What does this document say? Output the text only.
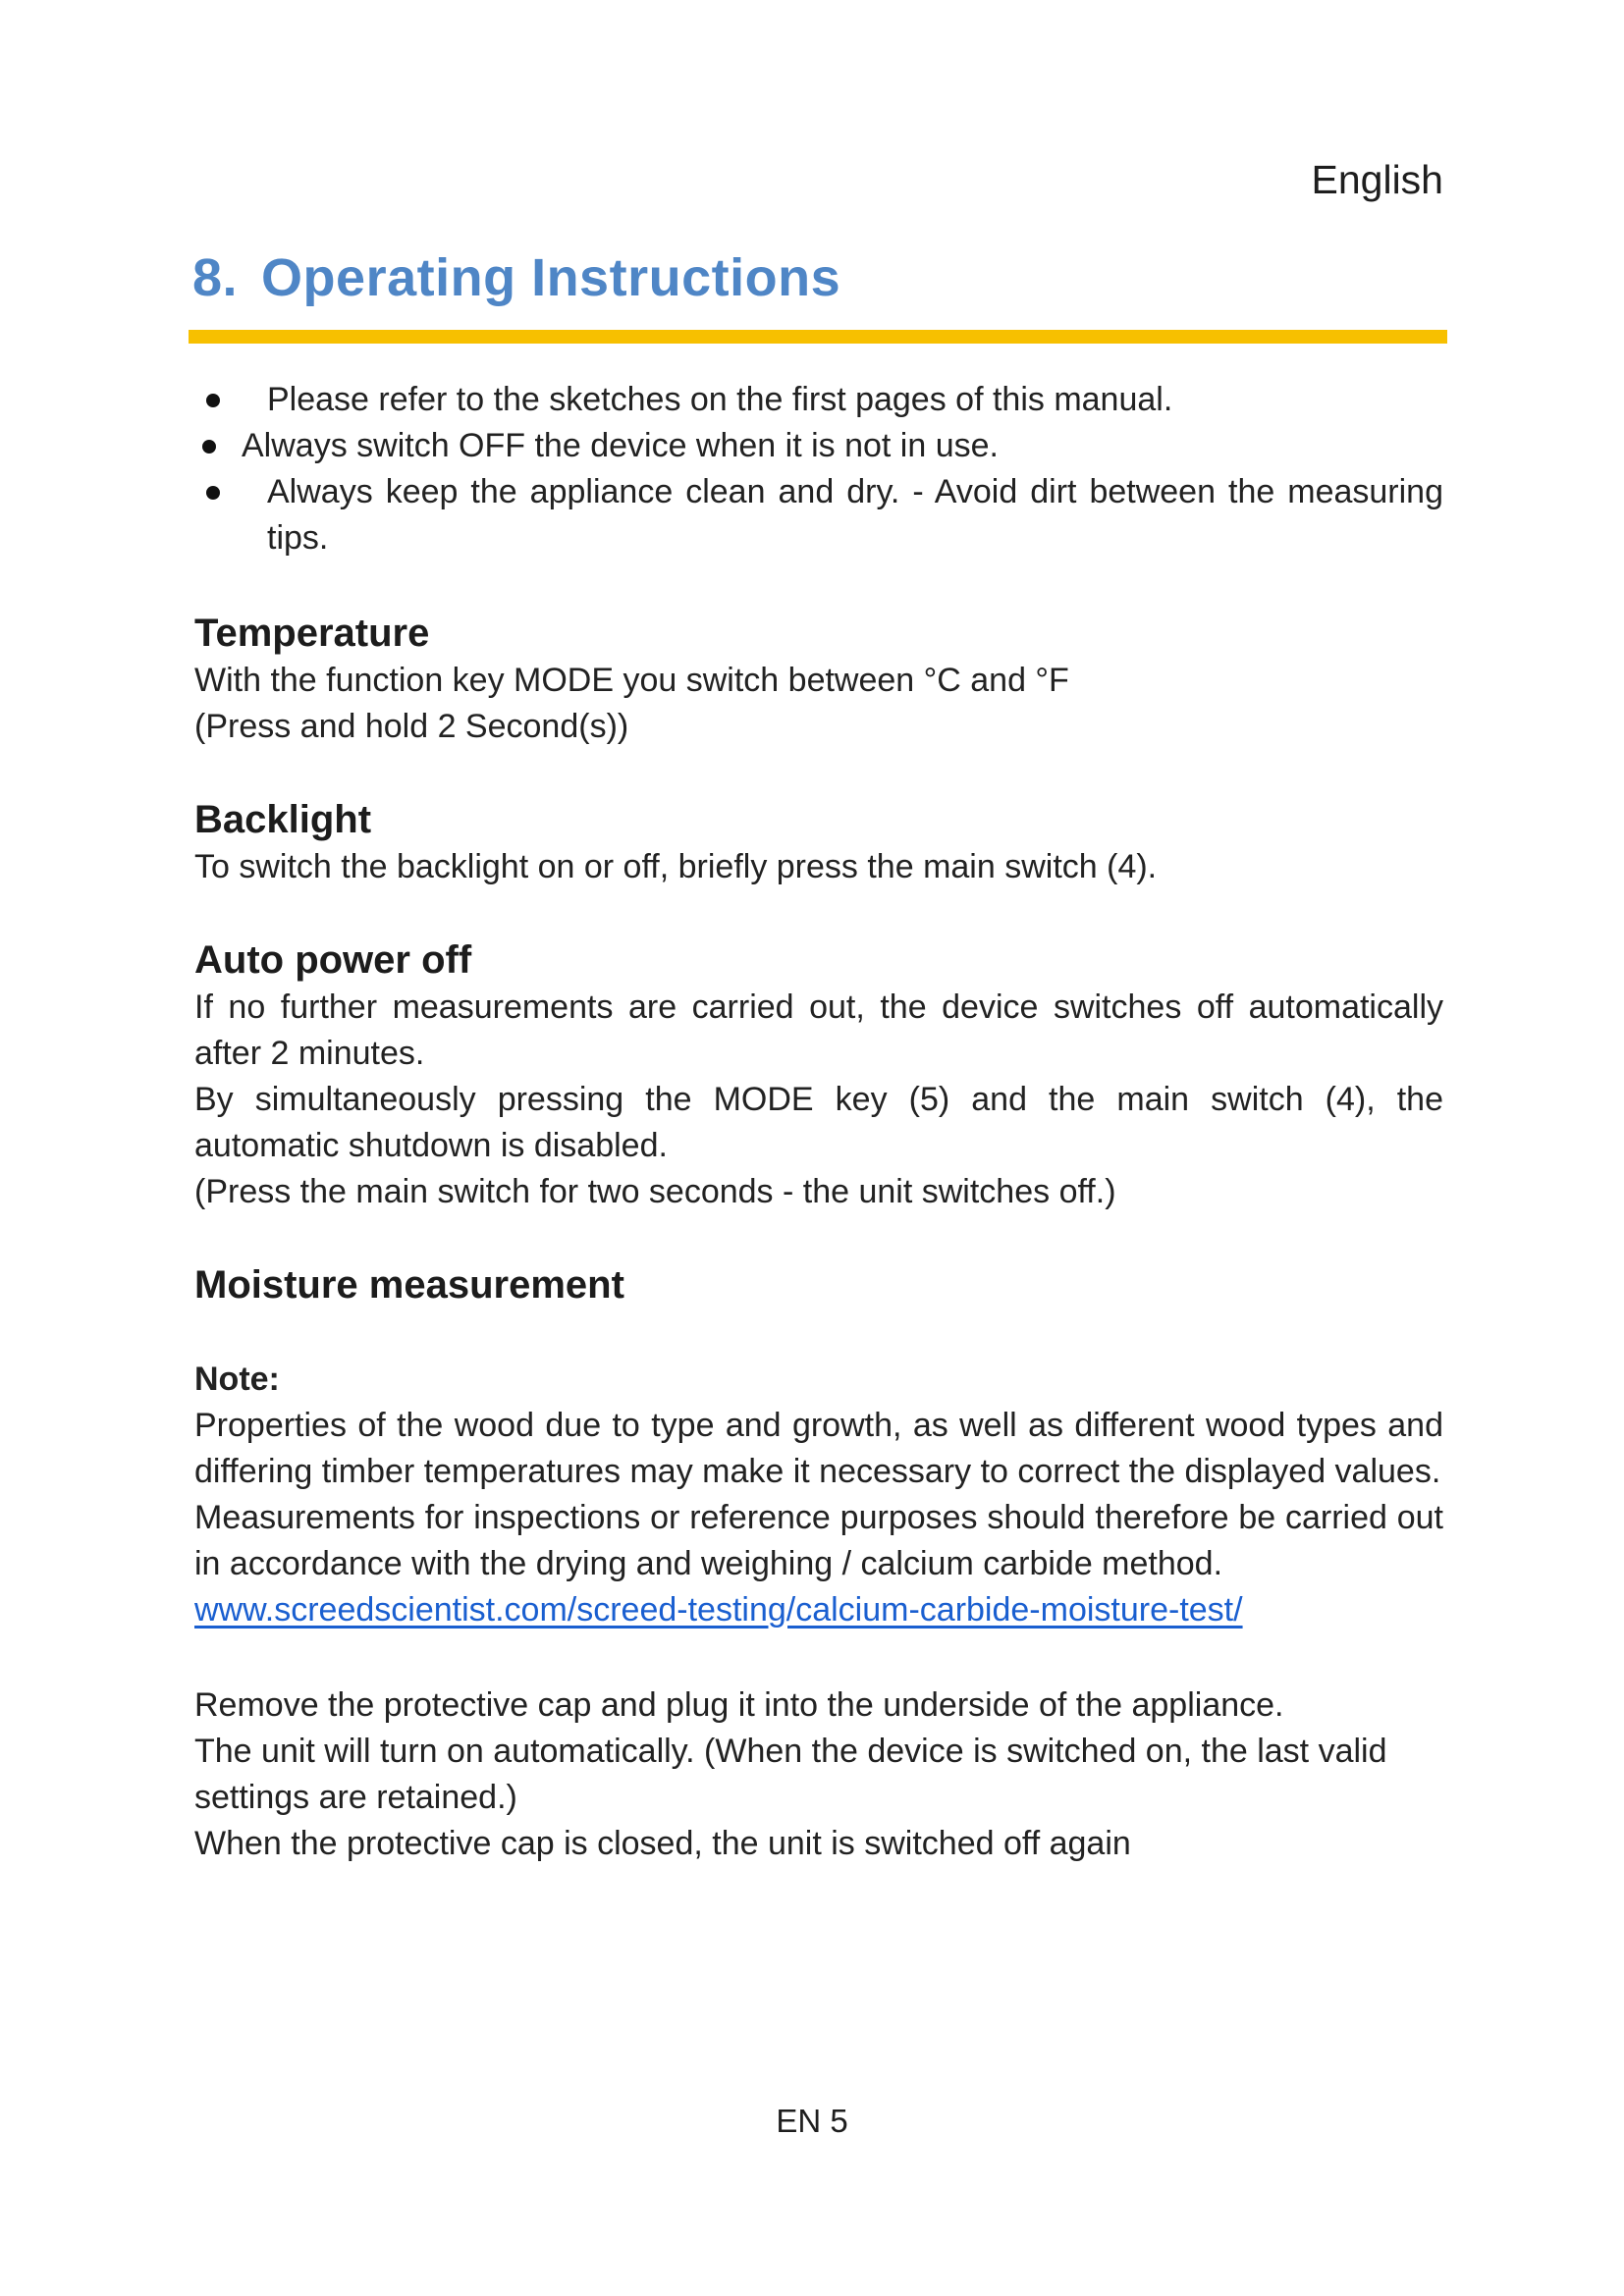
English
8. Operating Instructions
Please refer to the sketches on the first pages of this manual.
Always switch OFF the device when it is not in use.
Always keep the appliance clean and dry. - Avoid dirt between the measuring tips.
Temperature

With the function key MODE you switch between °C and °F

(Press and hold 2 Second(s))

Backlight

To switch the backlight on or off, briefly press the main switch (4).

Auto power off

If no further measurements are carried out, the device switches off automatically after 2 minutes.

By simultaneously pressing the MODE key (5) and the main switch (4), the automatic shutdown is disabled.

(Press the main switch for two seconds - the unit switches off.)

Moisture measurement

Note:

Properties of the wood due to type and growth, as well as different wood types and differing timber temperatures may make it necessary to correct the displayed values.

Measurements for inspections or reference purposes should therefore be carried out in accordance with the drying and weighing / calcium carbide method.

www.screedscientist.com/screed-testing/calcium-carbide-moisture-test/

Remove the protective cap and plug it into the underside of the appliance.

The unit will turn on automatically. (When the device is switched on, the last valid settings are retained.)

When the protective cap is closed, the unit is switched off again

EN 5
